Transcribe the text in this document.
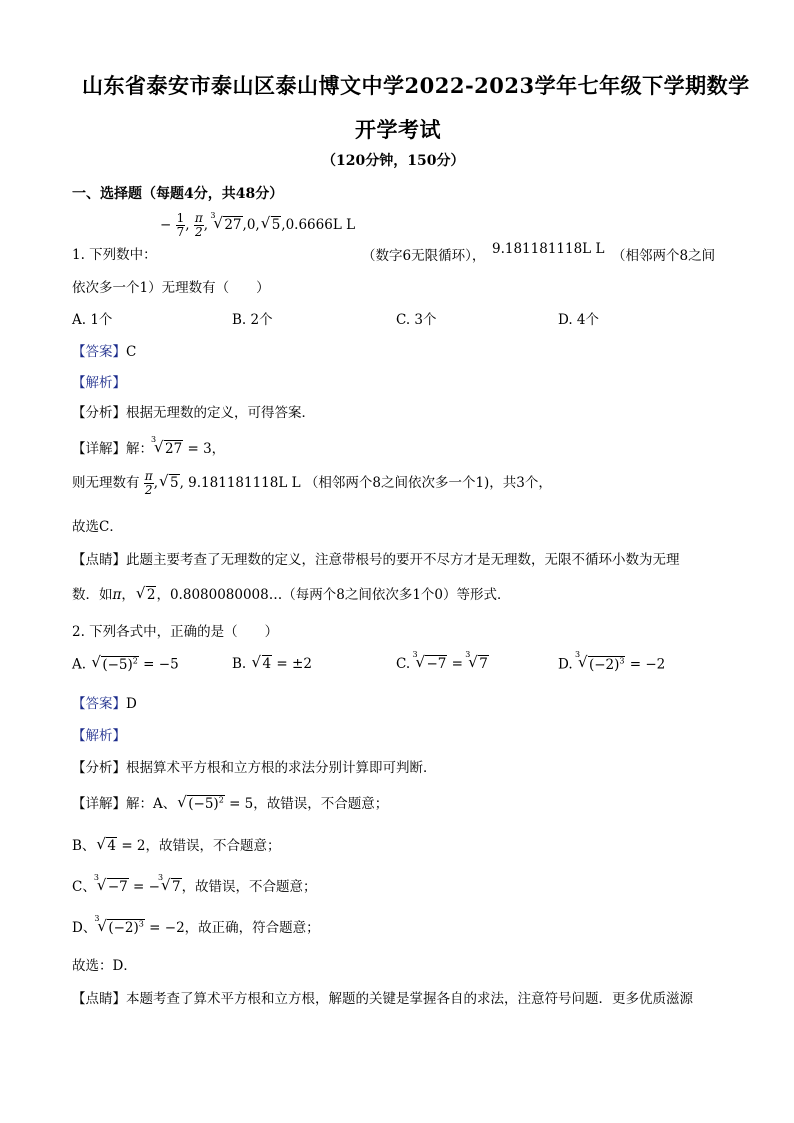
山东省泰安市泰山区泰山博文中学2022-2023学年七年级下学期数学
开学考试
（120分钟，150分）
一、选择题（每题4分，共48分）
1. 下列数中：
− $\frac{1}{7}$ , $\frac{\pi}{2}$ ,
3
√ 27,0, √ 5,0.6666L L
（数字6无限循环）， 9.181181118L L （相邻两个8之间
依次多一个1）无理数有（　　）
A. 1个	B. 2个	C. 3个	D. 4个
【答案】C
【解析】
【分析】根据无理数的定义，可得答案．
【详解】解：
3
√ 27 = 3，
则无理数有 $\frac{\pi}{2}$ , √ 5, 9.181181118L L （相邻两个8之间依次多一个1)，共3个，
故选C．
【点睛】此题主要考查了无理数的定义，注意带根号的要开不尽方才是无理数，无限不循环小数为无理
数．如π， √ 2，0.8080080008…（每两个8之间依次多1个0）等形式．
2. 下列各式中，正确的是（　　）
A. √ $(-5)^2 = -5$	B. √ 4 = ±2	C.
3
√ −7 =
3
√ 7	D.
3
√ $(-2)^3 = -2$
【答案】D
【解析】
【分析】根据算术平方根和立方根的求法分别计算即可判断．
【详解】解：A、 √ $(-5)^2 = 5$，故错误，不合题意；
B、 √ 4 = 2，故错误，不合题意；
C、
3
√ −7 = −
3
√ 7，故错误，不合题意；
D、
3
√ $(-2)^3 = -2$，故正确，符合题意；
故选：D．
【点睛】本题考查了算术平方根和立方根，解题的关键是掌握各自的求法，注意符号问题．更多优质滋源
